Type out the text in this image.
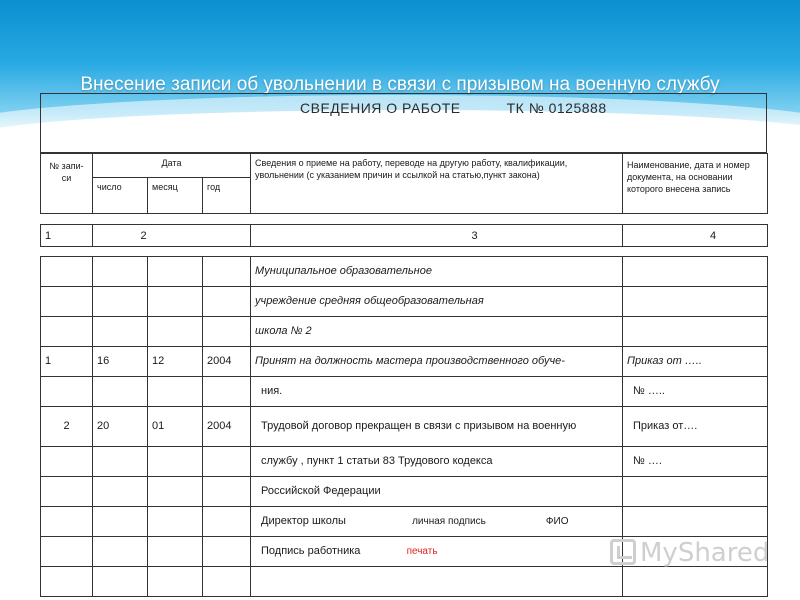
Внесение записи об увольнении в связи с призывом на военную службу
СВЕДЕНИЯ О РАБОТЕ	ТК № 0125888
№ запи-си	Дата			Сведения о приеме на работу, переводе на другую работу, квалификации, увольнении (с указанием причин и ссылкой на статью,пункт закона)	Наименование, дата и номер документа, на основании которого внесена запись
	число	месяц	год		
1	2	3	4
				Муниципальное образовательное	
				учреждение средняя общеобразовательная	
				школа № 2	
1	16	12	2004	Принят на должность мастера производственного обуче-	Приказ от …..
				ния.	№ …..
2	20	01	2004	Трудовой договор прекращен в связи с призывом на военную	Приказ от….
				службу , пункт 1 статьи 83 Трудового кодекса	№ ….
				Российской Федерации	
				Директор школы личная подпись ФИО	
				Подпись работника печать	
						MyShared
